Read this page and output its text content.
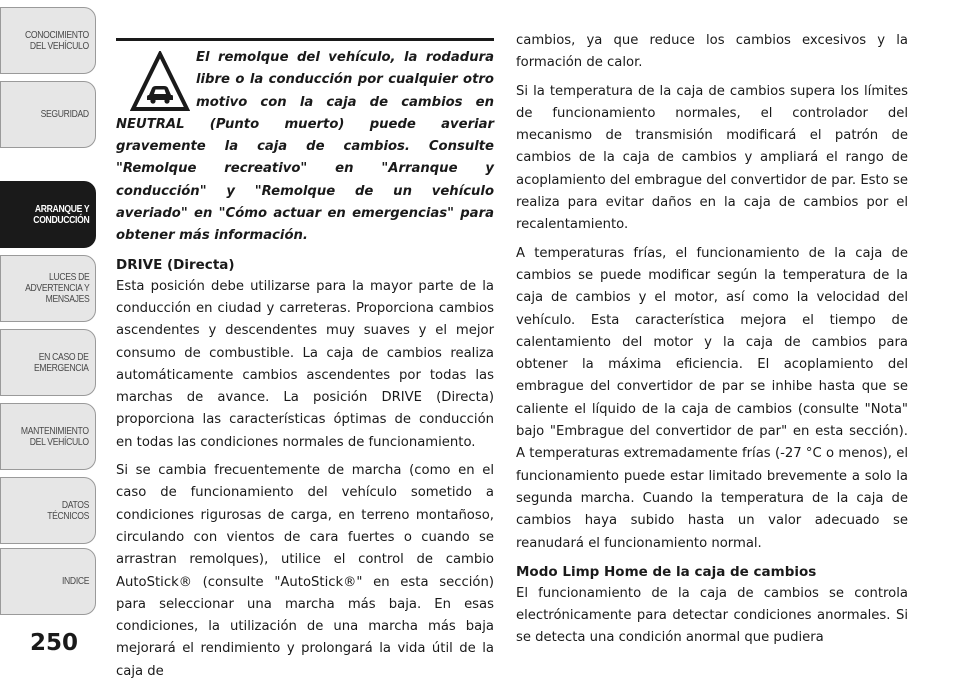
CONOCIMIENTO
DEL VEHÍCULO
SEGURIDAD
ARRANQUE Y
CONDUCCIÓN
LUCES DE
ADVERTENCIA Y
MENSAJES
EN CASO DE
EMERGENCIA
MANTENIMIENTO
DEL VEHÍCULO
DATOS
TÉCNICOS
INDICE
250

El remolque del vehículo, la rodadura libre o la conducción por cualquier otro motivo con la caja de cambios en NEUTRAL (Punto muerto) puede averiar gravemente la caja de cambios. Consulte "Remolque recreativo" en "Arranque y conducción" y "Remolque de un vehículo averiado" en "Cómo actuar en emergencias" para obtener más información.

DRIVE (Directa)

Esta posición debe utilizarse para la mayor parte de la conducción en ciudad y carreteras. Proporciona cambios ascendentes y descendentes muy suaves y el mejor consumo de combustible. La caja de cambios realiza automáticamente cambios ascendentes por todas las marchas de avance. La posición DRIVE (Directa) proporciona las características óptimas de conducción en todas las condiciones normales de funcionamiento.

Si se cambia frecuentemente de marcha (como en el caso de funcionamiento del vehículo sometido a condiciones rigurosas de carga, en terreno montañoso, circulando con vientos de cara fuertes o cuando se arrastran remolques), utilice el control de cambio AutoStick® (consulte "AutoStick®" en esta sección) para seleccionar una marcha más baja. En esas condiciones, la utilización de una marcha más baja mejorará el rendimiento y prolongará la vida útil de la caja de

cambios, ya que reduce los cambios excesivos y la formación de calor.

Si la temperatura de la caja de cambios supera los límites de funcionamiento normales, el controlador del mecanismo de transmisión modificará el patrón de cambios de la caja de cambios y ampliará el rango de acoplamiento del embrague del convertidor de par. Esto se realiza para evitar daños en la caja de cambios por el recalentamiento.

A temperaturas frías, el funcionamiento de la caja de cambios se puede modificar según la temperatura de la caja de cambios y el motor, así como la velocidad del vehículo. Esta característica mejora el tiempo de calentamiento del motor y la caja de cambios para obtener la máxima eficiencia. El acoplamiento del embrague del convertidor de par se inhibe hasta que se caliente el líquido de la caja de cambios (consulte "Nota" bajo "Embrague del convertidor de par" en esta sección). A temperaturas extremadamente frías (-27 °C o menos), el funcionamiento puede estar limitado brevemente a solo la segunda marcha. Cuando la temperatura de la caja de cambios haya subido hasta un valor adecuado se reanudará el funcionamiento normal.

Modo Limp Home de la caja de cambios

El funcionamiento de la caja de cambios se controla electrónicamente para detectar condiciones anormales. Si se detecta una condición anormal que pudiera
